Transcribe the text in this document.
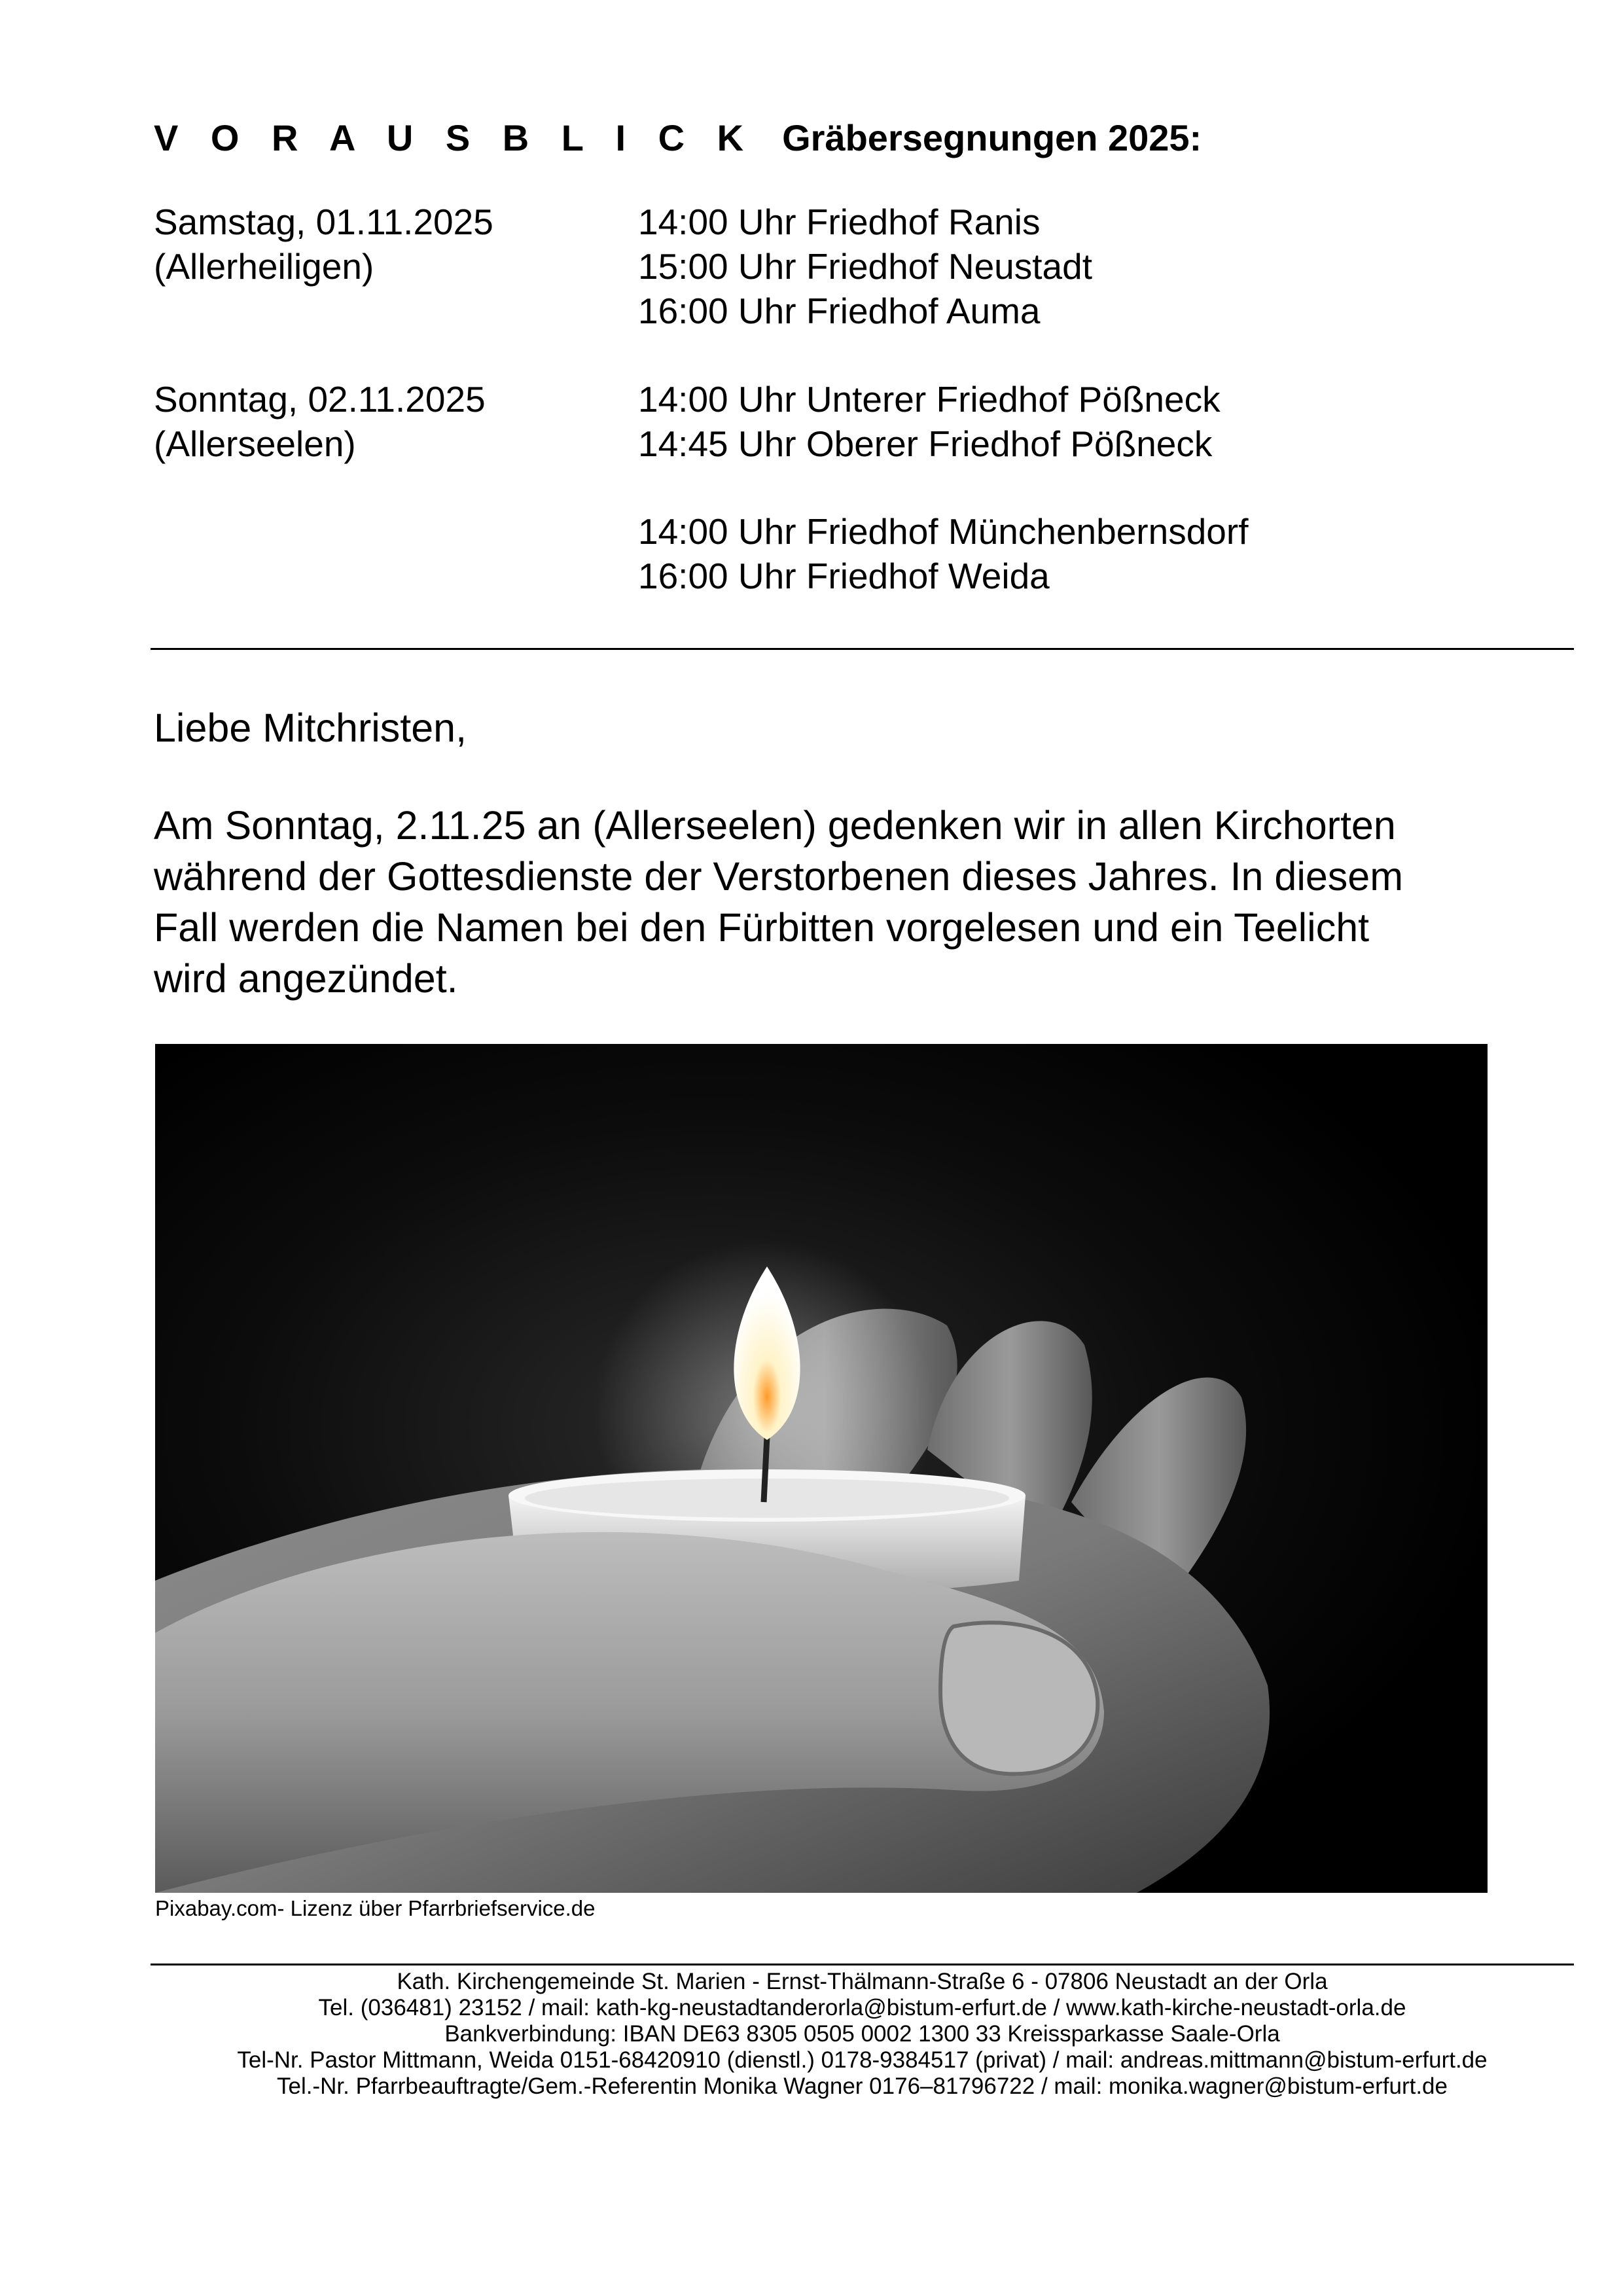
V O R A U S B L I C K Gräbersegnungen 2025:
Samstag, 01.11.2025
(Allerheiligen)
14:00 Uhr Friedhof Ranis
15:00 Uhr Friedhof Neustadt
16:00 Uhr Friedhof Auma
Sonntag, 02.11.2025
(Allerseelen)
14:00 Uhr Unterer Friedhof Pößneck
14:45 Uhr Oberer Friedhof Pößneck
14:00 Uhr Friedhof Münchenbernsdorf
16:00 Uhr Friedhof Weida
Liebe Mitchristen,
Am Sonntag, 2.11.25 an (Allerseelen) gedenken wir in allen Kirchorten
während der Gottesdienste der Verstorbenen dieses Jahres. In diesem
Fall werden die Namen bei den Fürbitten vorgelesen und ein Teelicht
wird angezündet.
Pixabay.com- Lizenz über Pfarrbriefservice.de
Kath. Kirchengemeinde St. Marien - Ernst-Thälmann-Straße 6 - 07806 Neustadt an der Orla
Tel. (036481) 23152 / mail: kath-kg-neustadtanderorla@bistum-erfurt.de / www.kath-kirche-neustadt-orla.de
Bankverbindung: IBAN DE63 8305 0505 0002 1300 33 Kreissparkasse Saale-Orla
Tel-Nr. Pastor Mittmann, Weida 0151-68420910 (dienstl.) 0178-9384517 (privat) / mail: andreas.mittmann@bistum-erfurt.de
Tel.-Nr. Pfarrbeauftragte/Gem.-Referentin Monika Wagner 0176–81796722 / mail: monika.wagner@bistum-erfurt.de
